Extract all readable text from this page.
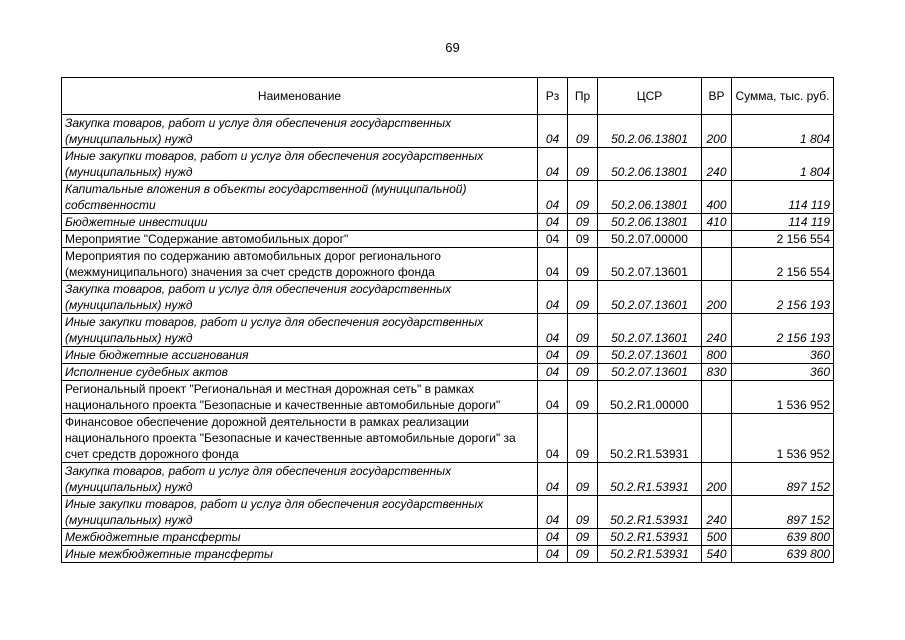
69
Наименование	Рз	Пр	ЦСР	ВР	Сумма, тыс. руб.
Закупка товаров, работ и услуг для обеспечения государственных (муниципальных) нужд	04	09	50.2.06.13801	200	1 804
Иные закупки товаров, работ и услуг для обеспечения государственных (муниципальных) нужд	04	09	50.2.06.13801	240	1 804
Капитальные вложения в объекты государственной (муниципальной) собственности	04	09	50.2.06.13801	400	114 119
Бюджетные инвестиции	04	09	50.2.06.13801	410	114 119
Мероприятие "Содержание автомобильных дорог"	04	09	50.2.07.00000		2 156 554
Мероприятия по содержанию автомобильных дорог регионального (межмуниципального) значения за счет средств дорожного фонда	04	09	50.2.07.13601		2 156 554
Закупка товаров, работ и услуг для обеспечения государственных (муниципальных) нужд	04	09	50.2.07.13601	200	2 156 193
Иные закупки товаров, работ и услуг для обеспечения государственных (муниципальных) нужд	04	09	50.2.07.13601	240	2 156 193
Иные бюджетные ассигнования	04	09	50.2.07.13601	800	360
Исполнение судебных актов	04	09	50.2.07.13601	830	360
Региональный проект "Региональная и местная дорожная сеть" в рамках национального проекта "Безопасные и качественные автомобильные дороги"	04	09	50.2.R1.00000		1 536 952
Финансовое обеспечение дорожной деятельности в рамках реализации национального проекта "Безопасные и качественные автомобильные дороги" за счет средств дорожного фонда	04	09	50.2.R1.53931		1 536 952
Закупка товаров, работ и услуг для обеспечения государственных (муниципальных) нужд	04	09	50.2.R1.53931	200	897 152
Иные закупки товаров, работ и услуг для обеспечения государственных (муниципальных) нужд	04	09	50.2.R1.53931	240	897 152
Межбюджетные трансферты	04	09	50.2.R1.53931	500	639 800
Иные межбюджетные трансферты	04	09	50.2.R1.53931	540	639 800
